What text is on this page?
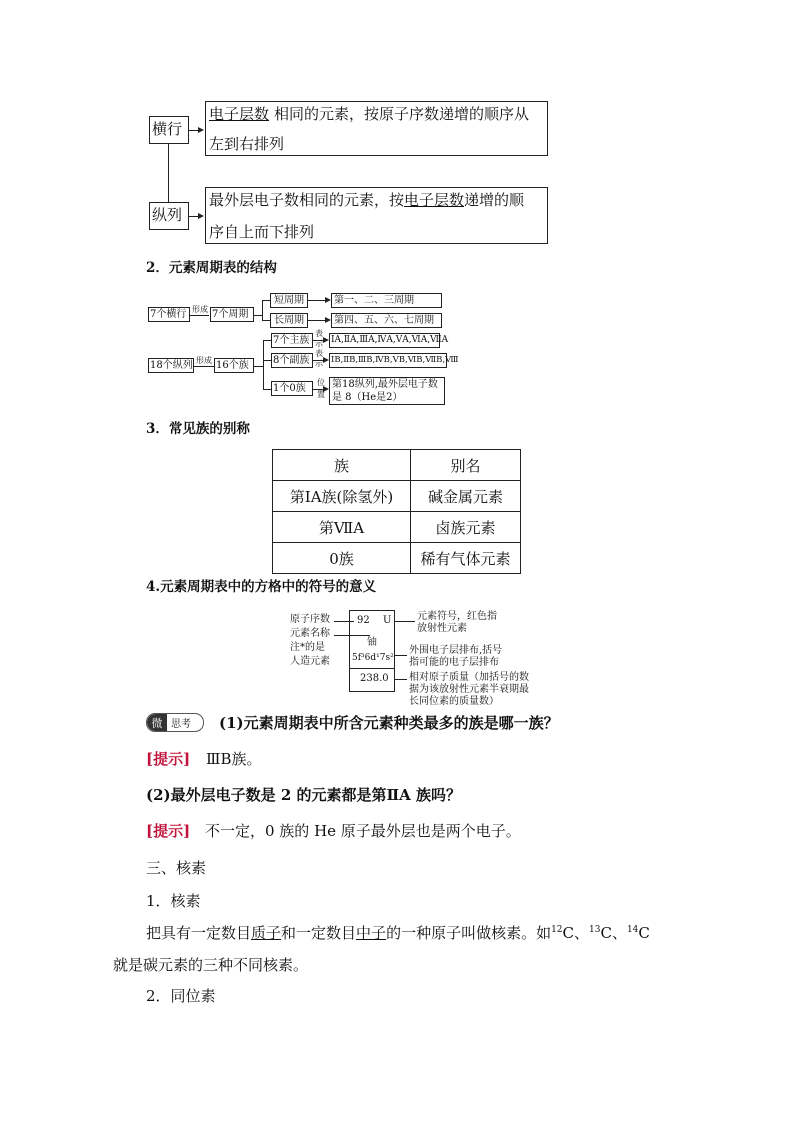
横行
电子层数 相同的元素，按原子序数递增的顺序从
左到右排列
纵列
最外层电子数相同的元素，按电子层数递增的顺
序自上而下排列
2．元素周期表的结构
7个横行 形成 7个周期
短周期	第一、二、三周期
长周期	第四、五、六、七周期
18个纵列 形成 16个族
7个主族
表
示 ⅠA,ⅡA,ⅢA,ⅣA,ⅤA,ⅥA,ⅦA
8个副族
表
示 ⅠB,ⅡB,ⅢB,ⅣB,ⅤB,ⅥB,ⅦB,Ⅷ
1个0族
位
置
第18纵列,最外层电子数
是 8（He是2）
3．常见族的别称
族	别名
第ⅠA族(除氢外)	碱金属元素
第ⅦA	卤族元素
0族	稀有气体元素
4.元素周期表中的方格中的符号的意义
原子序数
元素名称
注*的是
人造元素
92 U
铀
5f³6d¹7s²
238.0
元素符号，红色指
放射性元素
外围电子层排布,括号
指可能的电子层排布
相对原子质量（加括号的数
据为该放射性元素半衰期最
长同位素的质量数）
微 思考 (1)元素周期表中所含元素种类最多的族是哪一族？
[提示] ⅢB族。
(2)最外层电子数是 2 的元素都是第ⅡA 族吗？
[提示] 不一定，0 族的 He 原子最外层也是两个电子。
三、核素
1．核素
把具有一定数目质子和一定数目中子的一种原子叫做核素。如$^{12}$C、$^{13}$C、$^{14}$C
就是碳元素的三种不同核素。
2．同位素
